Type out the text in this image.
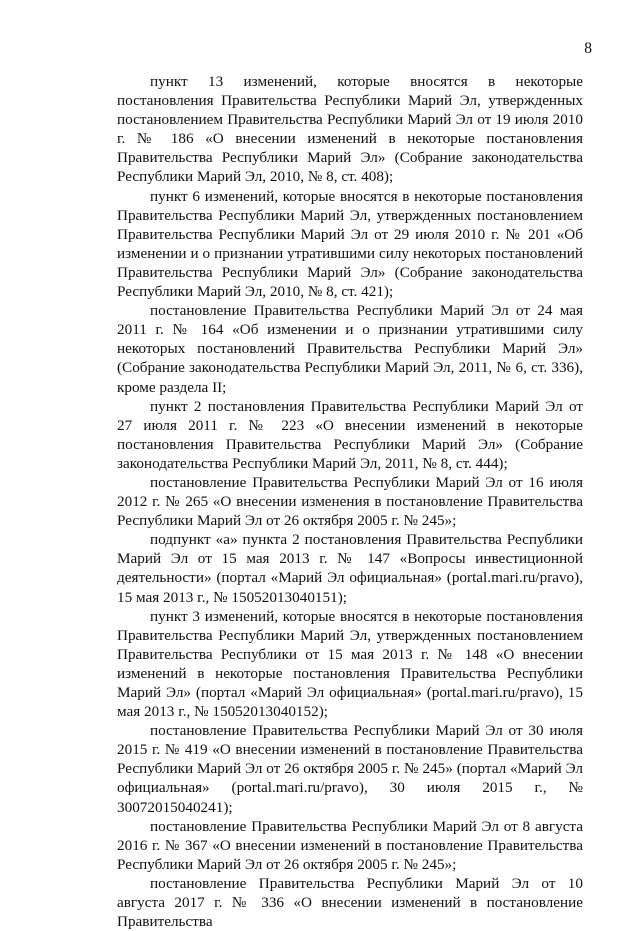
8

пункт 13 изменений, которые вносятся в некоторые постановления Правительства Республики Марий Эл, утвержденных постановлением Правительства Республики Марий Эл от 19 июля 2010 г. № 186 «О внесении изменений в некоторые постановления Правительства Республики Марий Эл» (Собрание законодательства Республики Марий Эл, 2010, № 8, ст. 408);

пункт 6 изменений, которые вносятся в некоторые постановления Правительства Республики Марий Эл, утвержденных постановлением Правительства Республики Марий Эл от 29 июля 2010 г. № 201 «Об изменении и о признании утратившими силу некоторых постановлений Правительства Республики Марий Эл» (Собрание законодательства Республики Марий Эл, 2010, № 8, ст. 421);

постановление Правительства Республики Марий Эл от 24 мая 2011 г. № 164 «Об изменении и о признании утратившими силу некоторых постановлений Правительства Республики Марий Эл» (Собрание законодательства Республики Марий Эл, 2011, № 6, ст. 336), кроме раздела II;

пункт 2 постановления Правительства Республики Марий Эл от 27 июля 2011 г. № 223 «О внесении изменений в некоторые постановления Правительства Республики Марий Эл» (Собрание законодательства Республики Марий Эл, 2011, № 8, ст. 444);

постановление Правительства Республики Марий Эл от 16 июля 2012 г. № 265 «О внесении изменения в постановление Правительства Республики Марий Эл от 26 октября 2005 г. № 245»;

подпункт «а» пункта 2 постановления Правительства Республики Марий Эл от 15 мая 2013 г. № 147 «Вопросы инвестиционной деятельности» (портал «Марий Эл официальная» (portal.mari.ru/pravo), 15 мая 2013 г., № 15052013040151);

пункт 3 изменений, которые вносятся в некоторые постановления Правительства Республики Марий Эл, утвержденных постановлением Правительства Республики от 15 мая 2013 г. № 148 «О внесении изменений в некоторые постановления Правительства Республики Марий Эл» (портал «Марий Эл официальная» (portal.mari.ru/pravo), 15 мая 2013 г., № 15052013040152);

постановление Правительства Республики Марий Эл от 30 июля 2015 г. № 419 «О внесении изменений в постановление Правительства Республики Марий Эл от 26 октября 2005 г. № 245» (портал «Марий Эл официальная» (portal.mari.ru/pravo), 30 июля 2015 г., № 30072015040241);

постановление Правительства Республики Марий Эл от 8 августа 2016 г. № 367 «О внесении изменений в постановление Правительства Республики Марий Эл от 26 октября 2005 г. № 245»;

постановление Правительства Республики Марий Эл от 10 августа 2017 г. № 336 «О внесении изменений в постановление Правительства
